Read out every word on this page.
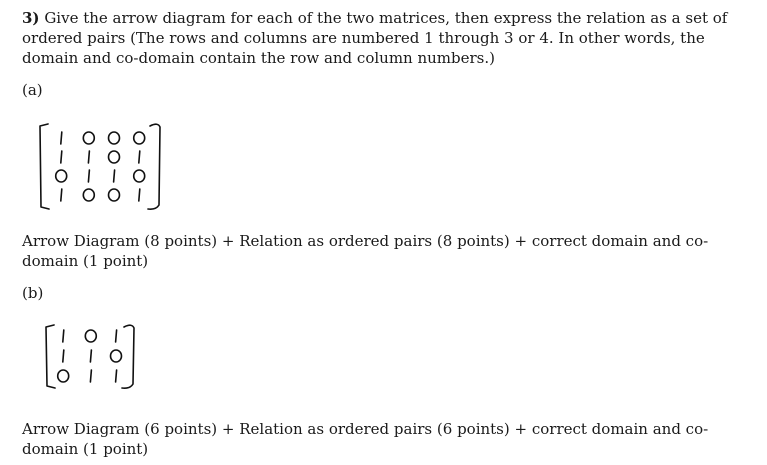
3) Give the arrow diagram for each of the two matrices, then express the relation as a set of ordered pairs (The rows and columns are numbered 1 through 3 or 4. In other words, the domain and co-domain contain the row and column numbers.)
(a)
Arrow Diagram (8 points) + Relation as ordered pairs (8 points) + correct domain and co-domain (1 point)
(b)
Arrow Diagram (6 points) + Relation as ordered pairs (6 points) + correct domain and co-domain (1 point)
